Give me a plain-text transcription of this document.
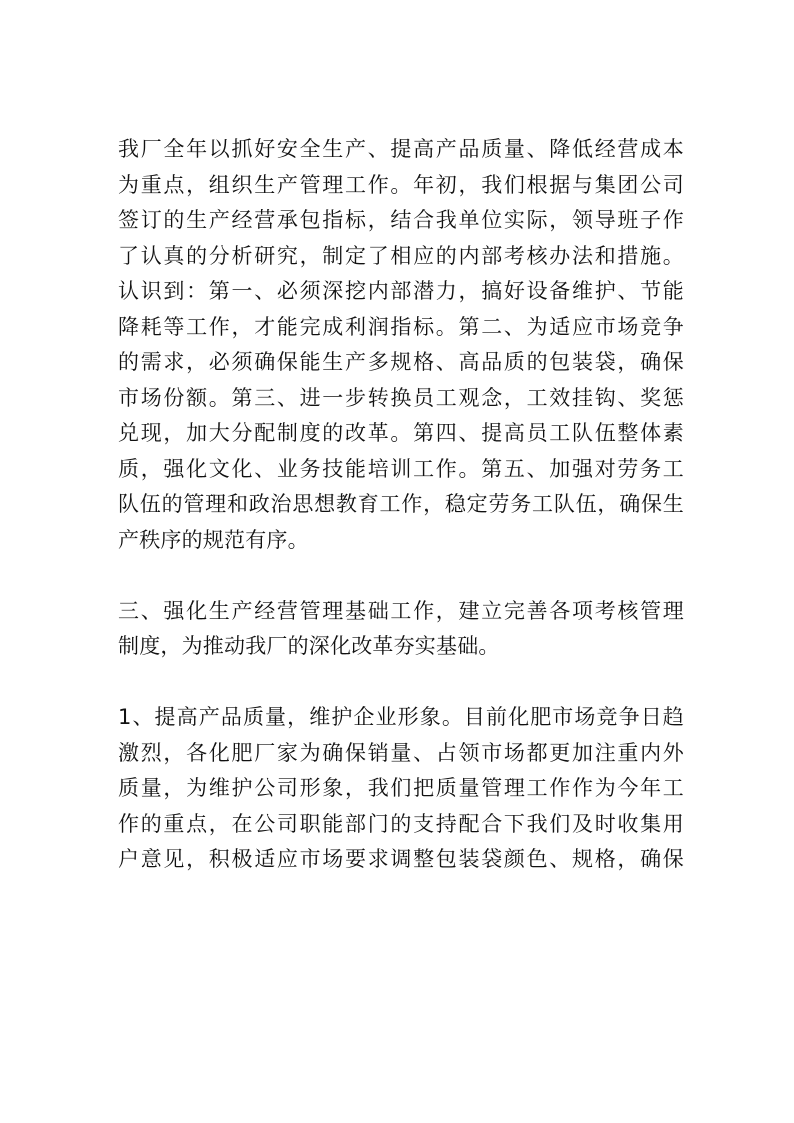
我厂全年以抓好安全生产、提高产品质量、降低经营成本
为重点，组织生产管理工作。年初，我们根据与集团公司
签订的生产经营承包指标，结合我单位实际，领导班子作
了认真的分析研究，制定了相应的内部考核办法和措施。
认识到：第一、必须深挖内部潜力，搞好设备维护、节能
降耗等工作，才能完成利润指标。第二、为适应市场竞争
的需求，必须确保能生产多规格、高品质的包装袋，确保
市场份额。第三、进一步转换员工观念，工效挂钩、奖惩
兑现，加大分配制度的改革。第四、提高员工队伍整体素
质，强化文化、业务技能培训工作。第五、加强对劳务工
队伍的管理和政治思想教育工作，稳定劳务工队伍，确保生
产秩序的规范有序。
三、强化生产经营管理基础工作，建立完善各项考核管理
制度，为推动我厂的深化改革夯实基础。
1、提高产品质量，维护企业形象。目前化肥市场竞争日趋
激烈，各化肥厂家为确保销量、占领市场都更加注重内外
质量，为维护公司形象，我们把质量管理工作作为今年工
作的重点，在公司职能部门的支持配合下我们及时收集用
户意见，积极适应市场要求调整包装袋颜色、规格，确保
